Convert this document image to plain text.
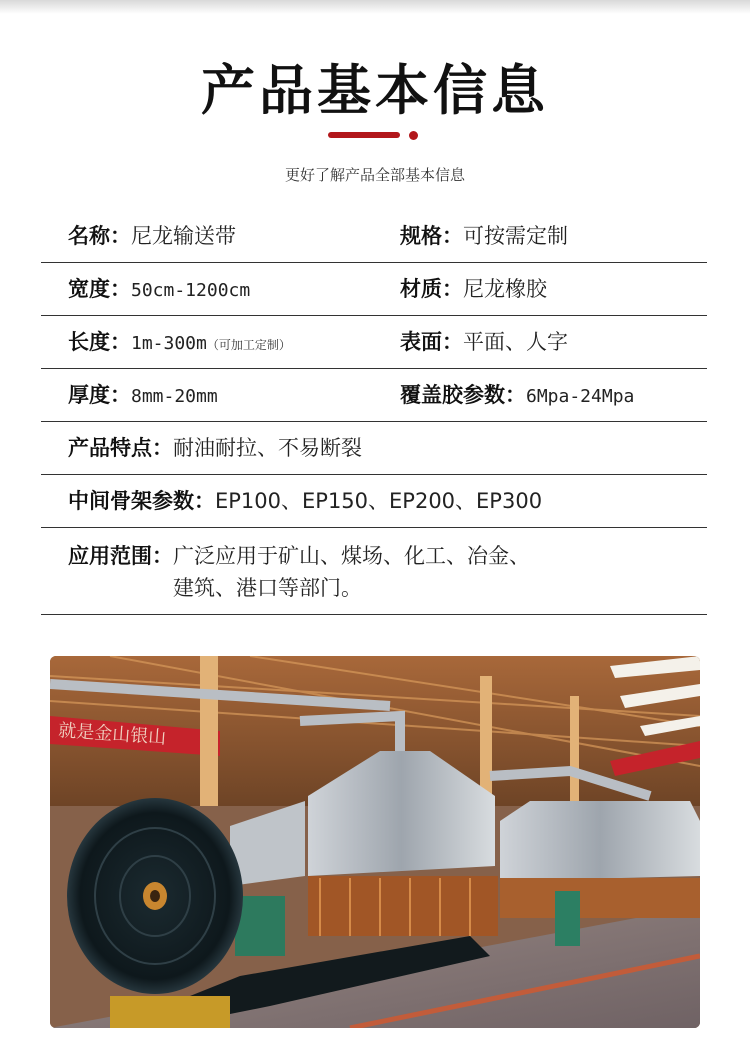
产品基本信息
更好了解产品全部基本信息
名称：尼龙输送带	规格：可按需定制
宽度：50cm-1200cm	材质：尼龙橡胶
长度：1m-300m（可加工定制）	表面：平面、人字
厚度：8mm-20mm	覆盖胶参数：6Mpa-24Mpa
产品特点：耐油耐拉、不易断裂
中间骨架参数：EP100、EP150、EP200、EP300
应用范围： 广泛应用于矿山、煤场、化工、冶金、
建筑、港口等部门。
就是金山银山
